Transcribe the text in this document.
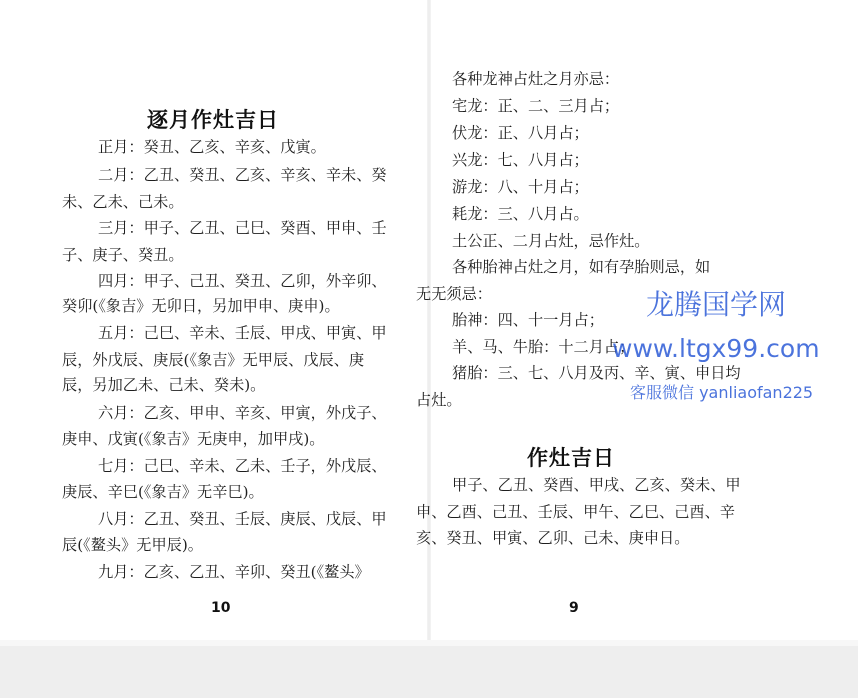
逐月作灶吉日
正月：癸丑、乙亥、辛亥、戊寅。
二月：乙丑、癸丑、乙亥、辛亥、辛未、癸
未、乙未、己未。
三月：甲子、乙丑、己巳、癸酉、甲申、壬
子、庚子、癸丑。
四月：甲子、己丑、癸丑、乙卯，外辛卯、
癸卯(《象吉》无卯日，另加甲申、庚申)。
五月：己巳、辛未、壬辰、甲戌、甲寅、甲
辰，外戊辰、庚辰(《象吉》无甲辰、戊辰、庚
辰，另加乙未、己未、癸未)。
六月：乙亥、甲申、辛亥、甲寅，外戊子、
庚申、戊寅(《象吉》无庚申，加甲戌)。
七月：己巳、辛未、乙未、壬子，外戊辰、
庚辰、辛巳(《象吉》无辛巳)。
八月：乙丑、癸丑、壬辰、庚辰、戊辰、甲
辰(《鳌头》无甲辰)。
九月：乙亥、乙丑、辛卯、癸丑(《鳌头》
10
各种龙神占灶之月亦忌：
宅龙：正、二、三月占；
伏龙：正、八月占；
兴龙：七、八月占；
游龙：八、十月占；
耗龙：三、八月占。
土公正、二月占灶，忌作灶。
各种胎神占灶之月，如有孕胎则忌，如
无无须忌：
胎神：四、十一月占；
羊、马、牛胎：十二月占；
猪胎：三、七、八月及丙、辛、寅、申日均
占灶。
作灶吉日
甲子、乙丑、癸酉、甲戌、乙亥、癸未、甲
申、乙酉、己丑、壬辰、甲午、乙巳、己酉、辛
亥、癸丑、甲寅、乙卯、己未、庚申日。
9
龙腾国学网
www.ltgx99.com
客服微信 yanliaofan225
